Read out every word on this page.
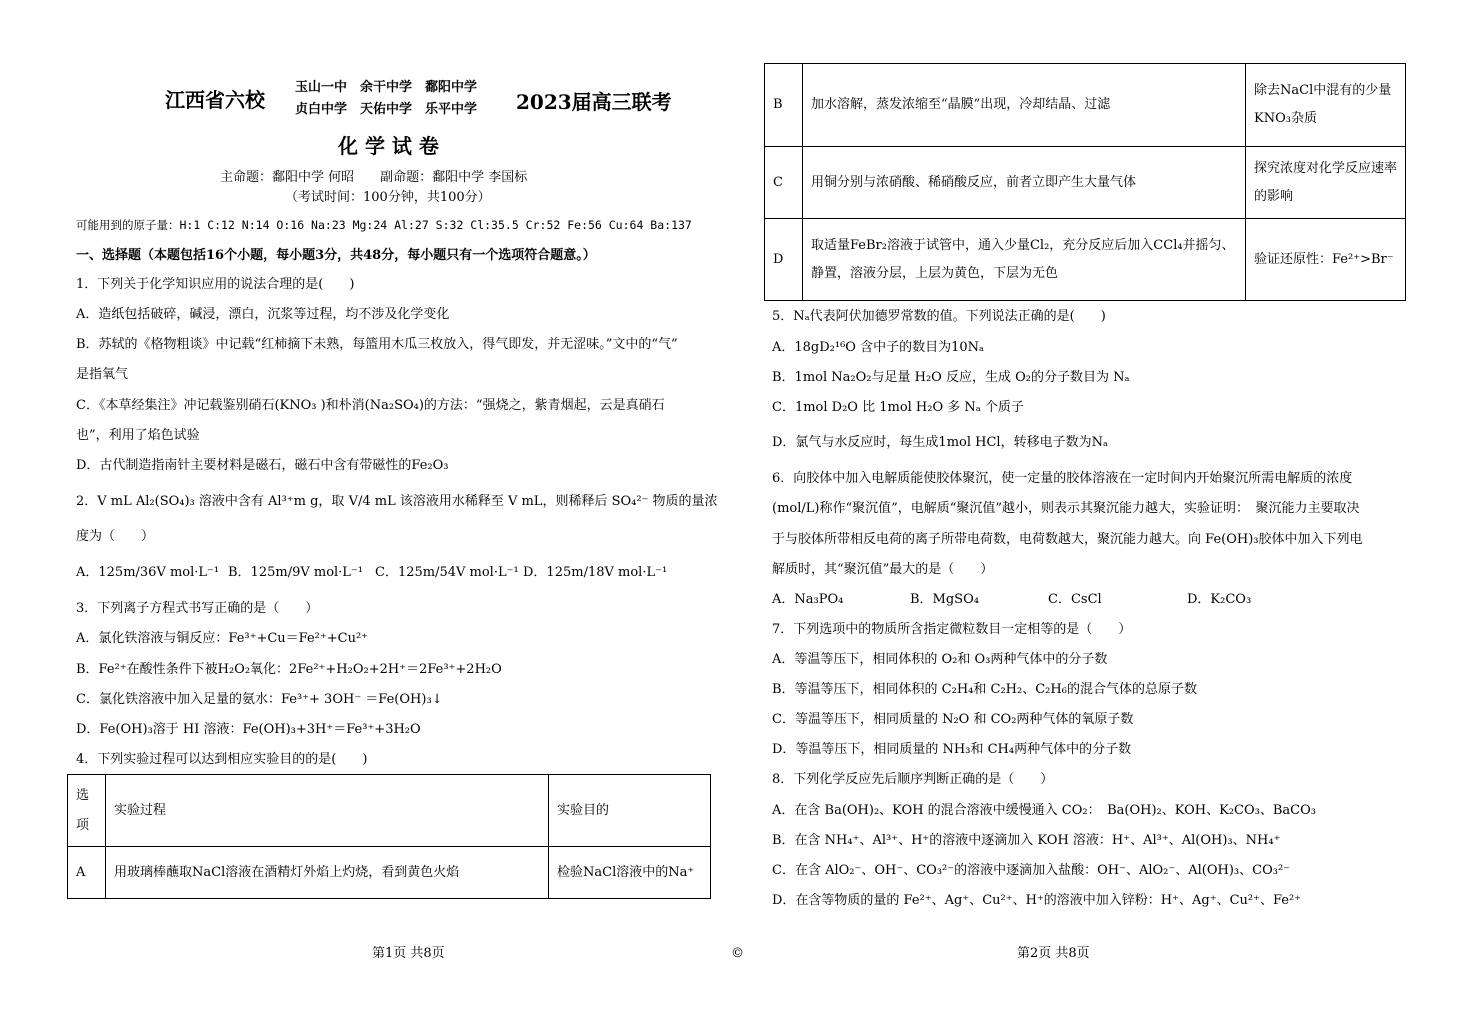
江西省六校
玉山一中　余干中学　鄱阳中学
贞白中学　天佑中学　乐平中学 2023届高三联考
化 学 试 卷
主命题：鄱阳中学 何昭　　副命题：鄱阳中学 李国标
（考试时间：100分钟，共100分）
可能用到的原子量：H:1 C:12 N:14 O:16 Na:23 Mg:24 Al:27 S:32 Cl:35.5 Cr:52 Fe:56 Cu:64 Ba:137
一、选择题（本题包括16个小题，每小题3分，共48分，每小题只有一个选项符合题意。）
1．下列关于化学知识应用的说法合理的是(　　)
A．造纸包括破碎，碱浸，漂白，沉浆等过程，均不涉及化学变化
B．苏轼的《格物粗谈》中记载“红柿摘下未熟，每篮用木瓜三枚放入，得气即发，并无涩味。”文中的“气”
是指氧气
C．《本草经集注》冲记载鉴别硝石(KNO₃ )和朴消(Na₂SO₄)的方法：“强烧之，紫青烟起，云是真硝石
也”，利用了焰色试验
D．古代制造指南针主要材料是磁石，磁石中含有带磁性的Fe₂O₃
2．V mL Al₂(SO₄)₃ 溶液中含有 Al³⁺m g，取 V/4 mL 该溶液用水稀释至 V mL，则稀释后 SO₄²⁻ 物质的量浓
度为（　　）
A．125m/36V mol·L⁻¹ B．125m/9V mol·L⁻¹ C．125m/54V mol·L⁻¹ D．125m/18V mol·L⁻¹
3．下列离子方程式书写正确的是（　　）
A．氯化铁溶液与铜反应：Fe³⁺+Cu＝Fe²⁺+Cu²⁺
B．Fe²⁺在酸性条件下被H₂O₂氧化：2Fe²⁺+H₂O₂+2H⁺＝2Fe³⁺+2H₂O
C．氯化铁溶液中加入足量的氨水：Fe³⁺+ 3OH⁻ ＝Fe(OH)₃↓
D．Fe(OH)₃溶于 HI 溶液：Fe(OH)₃+3H⁺＝Fe³⁺+3H₂O
4．下列实验过程可以达到相应实验目的的是(　　)
选项	实验过程	实验目的
A	用玻璃棒蘸取NaCl溶液在酒精灯外焰上灼烧，看到黄色火焰	检验NaCl溶液中的Na⁺
B	加水溶解，蒸发浓缩至“晶膜”出现，冷却结晶、过滤	除去NaCl中混有的少量KNO₃杂质
C	用铜分别与浓硝酸、稀硝酸反应，前者立即产生大量气体	探究浓度对化学反应速率的影响
D	取适量FeBr₂溶液于试管中，通入少量Cl₂，充分反应后加入CCl₄并摇匀、静置，溶液分层，上层为黄色，下层为无色	验证还原性：Fe²⁺>Br⁻
5．Nₐ代表阿伏加德罗常数的值。下列说法正确的是(　　)
A．18gD₂¹⁶O 含中子的数目为10Nₐ
B．1mol Na₂O₂与足量 H₂O 反应，生成 O₂的分子数目为 Nₐ
C．1mol D₂O 比 1mol H₂O 多 Nₐ 个质子
D．氯气与水反应时，每生成1mol HCl，转移电子数为Nₐ
6．向胶体中加入电解质能使胶体聚沉，使一定量的胶体溶液在一定时间内开始聚沉所需电解质的浓度
(mol/L)称作“聚沉值”，电解质“聚沉值”越小，则表示其聚沉能力越大，实验证明：　聚沉能力主要取决
于与胶体所带相反电荷的离子所带电荷数，电荷数越大，聚沉能力越大。向 Fe(OH)₃胶体中加入下列电
解质时，其“聚沉值”最大的是（　　）
A．Na₃PO₄	B．MgSO₄	C．CsCl	D．K₂CO₃
7．下列选项中的物质所含指定微粒数目一定相等的是（　　）
A．等温等压下，相同体积的 O₂和 O₃两种气体中的分子数
B．等温等压下，相同体积的 C₂H₄和 C₂H₂、C₂H₆的混合气体的总原子数
C．等温等压下，相同质量的 N₂O 和 CO₂两种气体的氧原子数
D．等温等压下，相同质量的 NH₃和 CH₄两种气体中的分子数
8．下列化学反应先后顺序判断正确的是（　　）
A．在含 Ba(OH)₂、KOH 的混合溶液中缓慢通入 CO₂：　Ba(OH)₂、KOH、K₂CO₃、BaCO₃
B．在含 NH₄⁺、Al³⁺、H⁺的溶液中逐滴加入 KOH 溶液：H⁺、Al³⁺、Al(OH)₃、NH₄⁺
C．在含 AlO₂⁻、OH⁻、CO₃²⁻的溶液中逐滴加入盐酸：OH⁻、AlO₂⁻、Al(OH)₃、CO₃²⁻
D．在含等物质的量的 Fe²⁺、Ag⁺、Cu²⁺、H⁺的溶液中加入锌粉：H⁺、Ag⁺、Cu²⁺、Fe²⁺
第1页 共8页	©	第2页 共8页
